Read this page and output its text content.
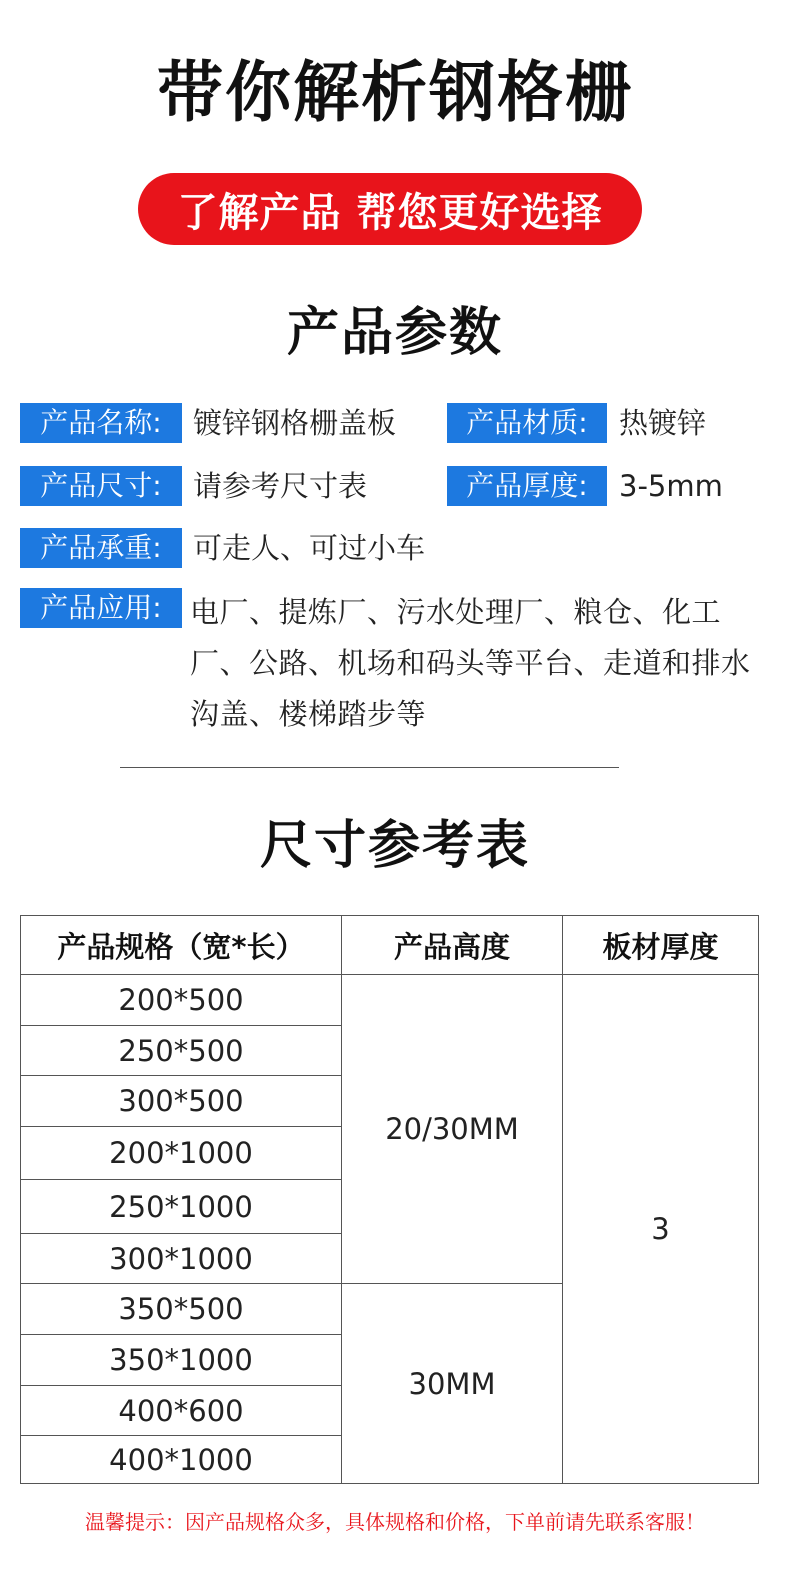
带你解析钢格栅
了解产品 帮您更好选择
产品参数
产品名称:	镀锌钢格栅盖板	产品材质:	热镀锌
产品尺寸:	请参考尺寸表	产品厚度:	3-5mm
产品承重:	可走人、可过小车
产品应用: 电厂、提炼厂、污水处理厂、粮仓、化工厂、公路、机场和码头等平台、走道和排水沟盖、楼梯踏步等
尺寸参考表
产品规格（宽*长）	产品高度	板材厚度
200*500	20/30MM	3
250*500		
300*500		
200*1000		
250*1000		
300*1000		
350*500	30MM	
350*1000		
400*600		
400*1000		
温馨提示：因产品规格众多，具体规格和价格，下单前请先联系客服！
